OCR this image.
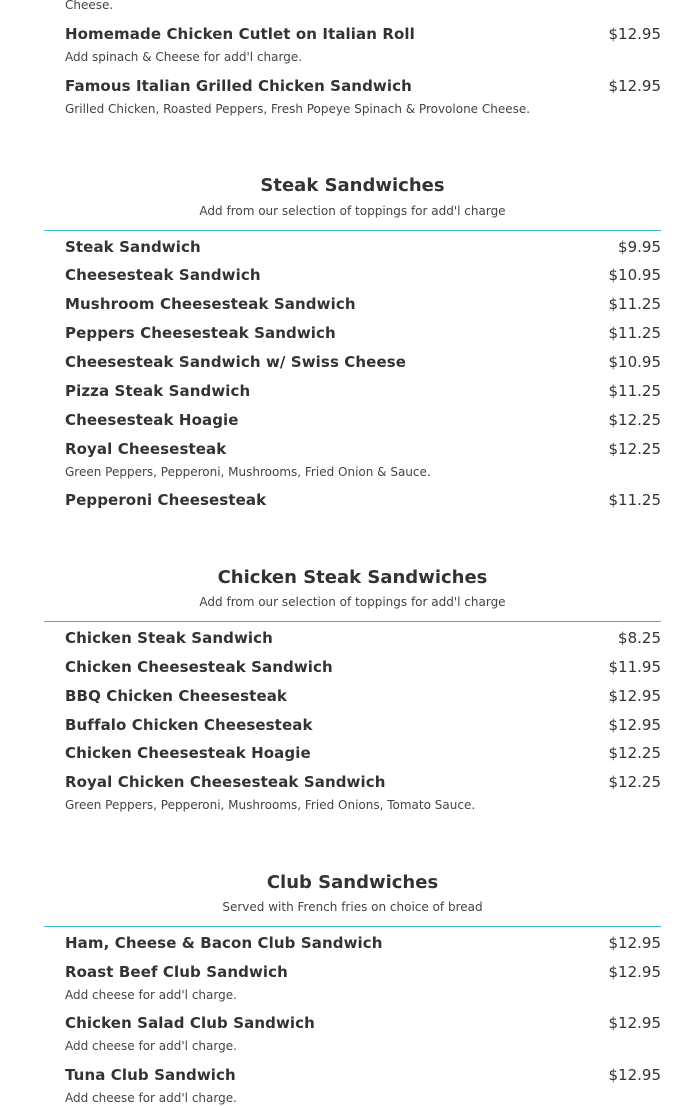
Cheese.
Homemade Chicken Cutlet on Italian Roll	$12.95
Add spinach & Cheese for add'l charge.
Famous Italian Grilled Chicken Sandwich	$12.95
Grilled Chicken, Roasted Peppers, Fresh Popeye Spinach & Provolone Cheese.
Steak Sandwiches
Add from our selection of toppings for add'l charge
Steak Sandwich	$9.95
Cheesesteak Sandwich	$10.95
Mushroom Cheesesteak Sandwich	$11.25
Peppers Cheesesteak Sandwich	$11.25
Cheesesteak Sandwich w/ Swiss Cheese	$10.95
Pizza Steak Sandwich	$11.25
Cheesesteak Hoagie	$12.25
Royal Cheesesteak	$12.25
Green Peppers, Pepperoni, Mushrooms, Fried Onion & Sauce.
Pepperoni Cheesesteak	$11.25
Chicken Steak Sandwiches
Add from our selection of toppings for add'l charge
Chicken Steak Sandwich	$8.25
Chicken Cheesesteak Sandwich	$11.95
BBQ Chicken Cheesesteak	$12.95
Buffalo Chicken Cheesesteak	$12.95
Chicken Cheesesteak Hoagie	$12.25
Royal Chicken Cheesesteak Sandwich	$12.25
Green Peppers, Pepperoni, Mushrooms, Fried Onions, Tomato Sauce.
Club Sandwiches
Served with French fries on choice of bread
Ham, Cheese & Bacon Club Sandwich	$12.95
Roast Beef Club Sandwich	$12.95
Add cheese for add'l charge.
Chicken Salad Club Sandwich	$12.95
Add cheese for add'l charge.
Tuna Club Sandwich	$12.95
Add cheese for add'l charge.
